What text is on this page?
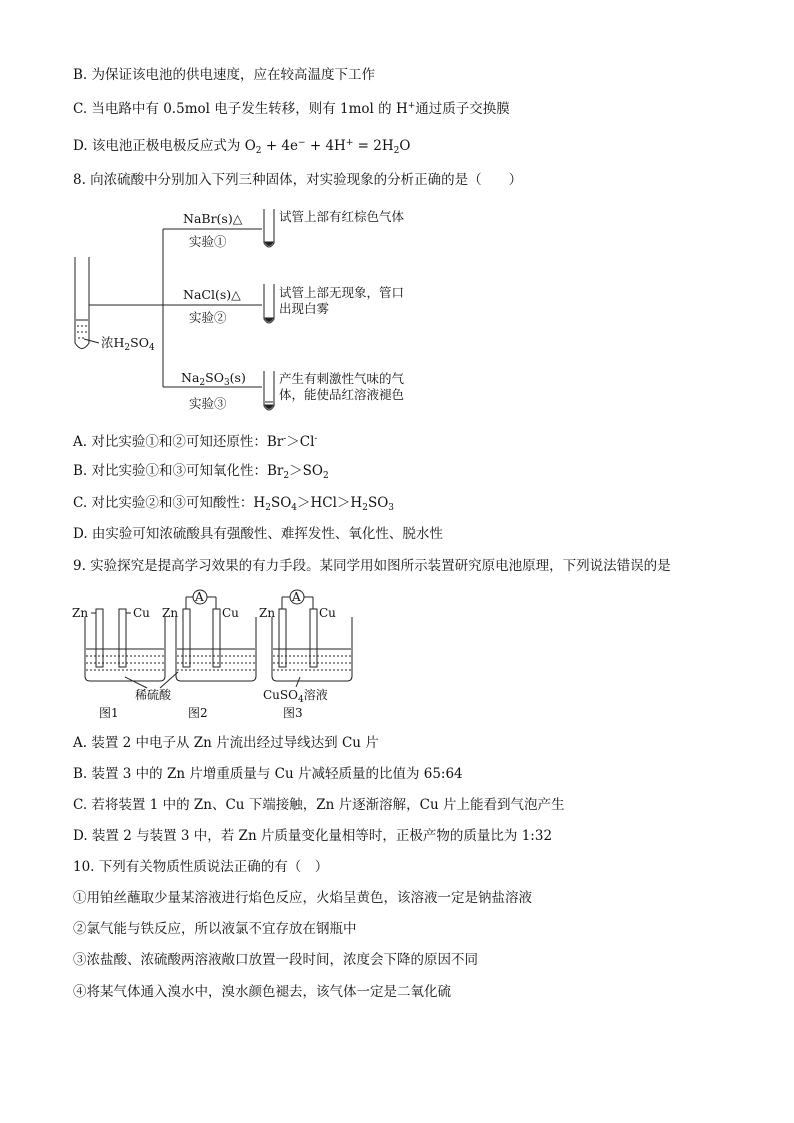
B. 为保证该电池的供电速度，应在较高温度下工作
C. 当电路中有 0.5mol 电子发生转移，则有 1mol 的 H+通过质子交换膜
D. 该电池正极电极反应式为 $O_2 + 4e^- + 4H^+ = 2H_2O$
8. 向浓硫酸中分别加入下列三种固体，对实验现象的分析正确的是（　　）
NaBr(s)△
实验①
试管上部有红棕色气体
NaCl(s)△
实验②
试管上部无现象，管口
出现白雾
$Na_2SO_3(s)$
实验③
产生有刺激性气味的气
体，能使品红溶液褪色
浓$H_2SO_4$
A. 对比实验①和②可知还原性：Br-＞Cl-
B. 对比实验①和③可知氧化性：$Br_2>SO_2$
C. 对比实验②和③可知酸性：$H_2SO_4>HCl>H_2SO_3$
D. 由实验可知浓硫酸具有强酸性、难挥发性、氧化性、脱水性
9. 实验探究是提高学习效果的有力手段。某同学用如图所示装置研究原电池原理，下列说法错误的是
A	A
Zn	Cu Zn	Cu Zn	Cu
稀硫酸	CuSO$_4$溶液
图1	图2	图3
A. 装置 2 中电子从 Zn 片流出经过导线达到 Cu 片
B. 装置 3 中的 Zn 片增重质量与 Cu 片减轻质量的比值为 65:64
C. 若将装置 1 中的 Zn、Cu 下端接触，Zn 片逐渐溶解，Cu 片上能看到气泡产生
D. 装置 2 与装置 3 中，若 Zn 片质量变化量相等时，正极产物的质量比为 1:32
10. 下列有关物质性质说法正确的有（　）
①用铂丝蘸取少量某溶液进行焰色反应，火焰呈黄色，该溶液一定是钠盐溶液
②氯气能与铁反应，所以液氯不宜存放在钢瓶中
③浓盐酸、浓硫酸两溶液敞口放置一段时间，浓度会下降的原因不同
④将某气体通入溴水中，溴水颜色褪去，该气体一定是二氧化硫
